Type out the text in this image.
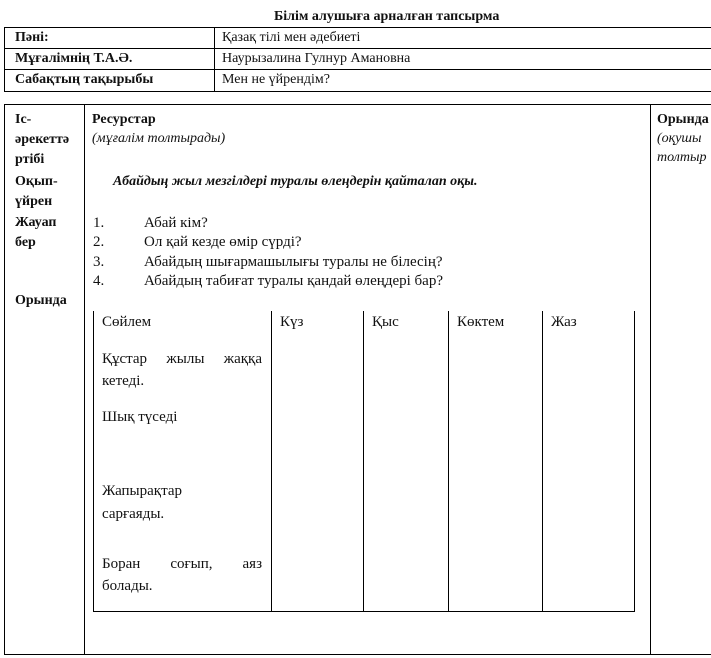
Білім алушыға арналған тапсырма
Пәні:	Қазақ тілі мен әдебиеті
Мұғалімнің Т.А.Ә.	Наурызалина Гулнур Амановна
Сабақтың тақырыбы	Мен не үйрендім?
Іс-
әрекеттә
ртібі
Ресурстар
(мұғалім толтырады)
Орында
(оқушы
толтыр
Оқып-
үйрен
Абайдың жыл мезгілдері туралы өлеңдерін қайталап оқы.
Жауап
бер
1.	Абай кім?
2.	Ол қай кезде өмір сүрді?
3.	Абайдың шығармашылығы туралы не білесің?
4.	Абайдың табиғат туралы қандай өлеңдері бар?
Орында
Сөйлем	Күз	Қыс	Көктем	Жаз
Құстар жылы жаққа
кетеді.
Шық түседі
Жапырақтар
сарғаяды.
Боран сoғып, аяз
болады.
